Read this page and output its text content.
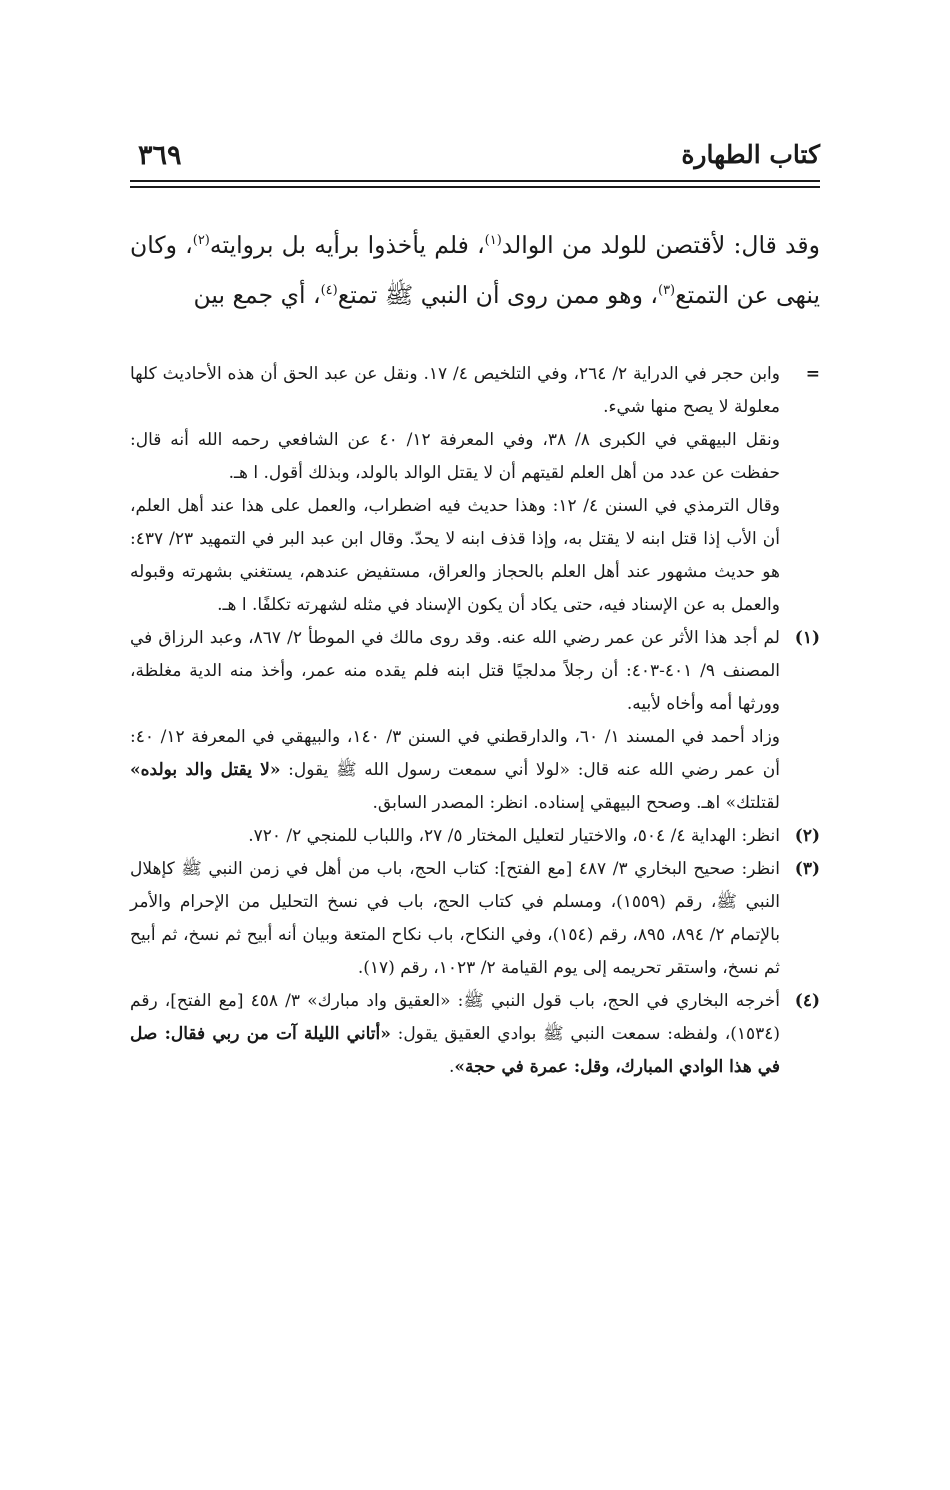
كتاب الطهارة
٣٦٩

وقد قال: لأقتصن للولد من الوالد$^{(١)}$، فلم يأخذوا برأيه بل بروايته$^{(٢)}$، وكان ينهى عن التمتع$^{(٣)}$، وهو ممن روى أن النبي ﷺ تمتع$^{(٤)}$، أي جمع بين

=

وابن حجر في الدراية ٢/ ٢٦٤، وفي التلخيص ٤/ ١٧. ونقل عن عبد الحق أن هذه الأحاديث كلها معلولة لا يصح منها شيء.

ونقل البيهقي في الكبرى ٨/ ٣٨، وفي المعرفة ١٢/ ٤٠ عن الشافعي رحمه الله أنه قال: حفظت عن عدد من أهل العلم لقيتهم أن لا يقتل الوالد بالولد، وبذلك أقول. ا هـ.

وقال الترمذي في السنن ٤/ ١٢: وهذا حديث فيه اضطراب، والعمل على هذا عند أهل العلم، أن الأب إذا قتل ابنه لا يقتل به، وإذا قذف ابنه لا يحدّ. وقال ابن عبد البر في التمهيد ٢٣/ ٤٣٧: هو حديث مشهور عند أهل العلم بالحجاز والعراق، مستفيض عندهم، يستغني بشهرته وقبوله والعمل به عن الإسناد فيه، حتى يكاد أن يكون الإسناد في مثله لشهرته تكلفًا. ا هـ.

(١)

لم أجد هذا الأثر عن عمر رضي الله عنه. وقد روى مالك في الموطأ ٢/ ٨٦٧، وعبد الرزاق في المصنف ٩/ ٤٠١-٤٠٣: أن رجلاً مدلجيًا قتل ابنه فلم يقده منه عمر، وأخذ منه الدية مغلظة، وورثها أمه وأخاه لأبيه.

وزاد أحمد في المسند ١/ ٦٠، والدارقطني في السنن ٣/ ١٤٠، والبيهقي في المعرفة ١٢/ ٤٠: أن عمر رضي الله عنه قال: «لولا أني سمعت رسول الله ﷺ يقول: «لا يقتل والد بولده» لقتلتك» اهـ. وصحح البيهقي إسناده. انظر: المصدر السابق.

(٢)

انظر: الهداية ٤/ ٥٠٤، والاختيار لتعليل المختار ٥/ ٢٧، واللباب للمنجي ٢/ ٧٢٠.

(٣)

انظر: صحيح البخاري ٣/ ٤٨٧ [مع الفتح]: كتاب الحج، باب من أهل في زمن النبي ﷺ كإهلال النبي ﷺ، رقم (١٥٥٩)، ومسلم في كتاب الحج، باب في نسخ التحليل من الإحرام والأمر بالإتمام ٢/ ٨٩٤، ٨٩٥، رقم (١٥٤)، وفي النكاح، باب نكاح المتعة وبيان أنه أبيح ثم نسخ، ثم أبيح ثم نسخ، واستقر تحريمه إلى يوم القيامة ٢/ ١٠٢٣، رقم (١٧).

(٤)

أخرجه البخاري في الحج، باب قول النبي ﷺ: «العقيق واد مبارك» ٣/ ٤٥٨ [مع الفتح]، رقم (١٥٣٤)، ولفظه: سمعت النبي ﷺ بوادي العقيق يقول: «أتاني الليلة آت من ربي فقال: صل في هذا الوادي المبارك، وقل: عمرة في حجة».
